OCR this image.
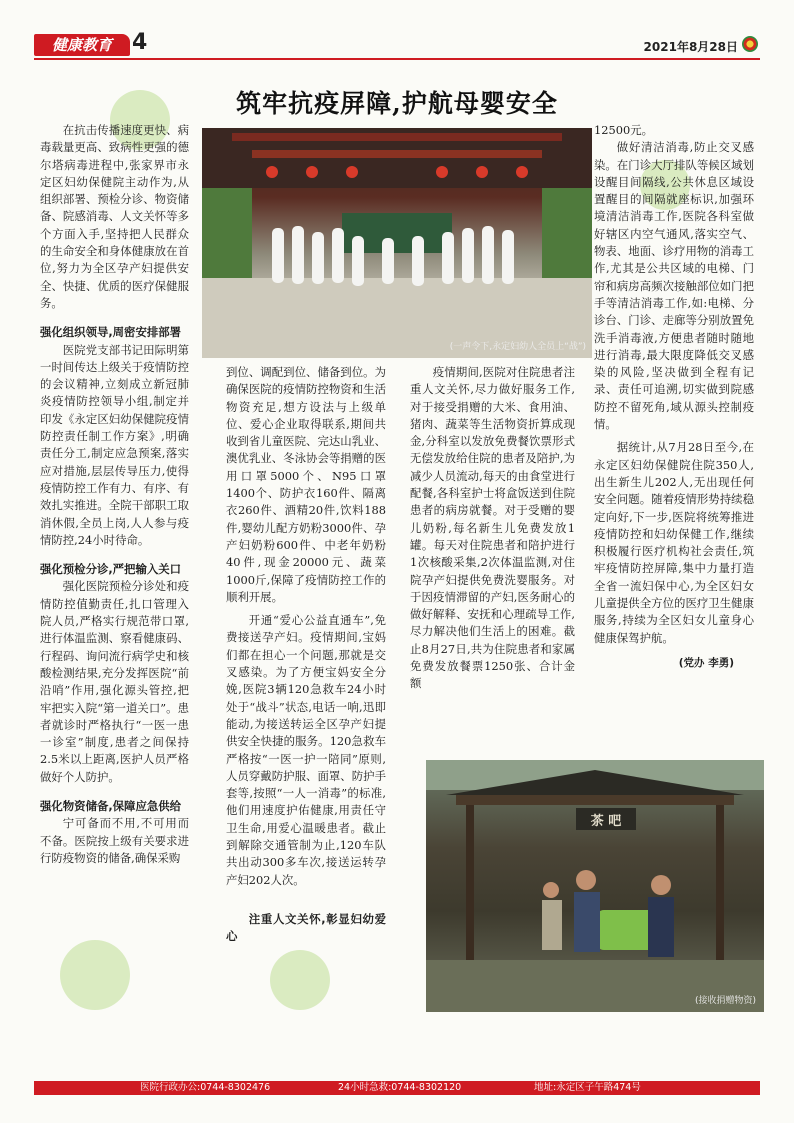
健康教育 4	2021年8月28日
筑牢抗疫屏障,护航母婴安全
(一声令下,永定妇幼人全员上“战”)

在抗击传播速度更快、病毒载量更高、致病性更强的德尔塔病毒进程中,张家界市永定区妇幼保健院主动作为,从组织部署、预检分诊、物资储备、院感消毒、人文关怀等多个方面入手,坚持把人民群众的生命安全和身体健康放在首位,努力为全区孕产妇提供安全、快捷、优质的医疗保健服务。

强化组织领导,周密安排部署

医院党支部书记田际明第一时间传达上级关于疫情防控的会议精神,立刻成立新冠肺炎疫情防控领导小组,制定并印发《永定区妇幼保健院疫情防控责任制工作方案》,明确责任分工,制定应急预案,落实应对措施,层层传导压力,使得疫情防控工作有力、有序、有效扎实推进。全院干部职工取消休假,全员上岗,人人参与疫情防控,24小时待命。

强化预检分诊,严把输入关口

强化医院预检分诊处和疫情防控值勤责任,扎口管理入院人员,严格实行规范带口罩,进行体温监测、察看健康码、行程码、询问流行病学史和核酸检测结果,充分发挥医院“前沿哨”作用,强化源头管控,把牢把实入院“第一道关口”。患者就诊时严格执行“一医一患一诊室”制度,患者之间保持2.5米以上距离,医护人员严格做好个人防护。

强化物资储备,保障应急供给

宁可备而不用,不可用而不备。医院按上级有关要求进行防疫物资的储备,确保采购

到位、调配到位、储备到位。为确保医院的疫情防控物资和生活物资充足,想方设法与上级单位、爱心企业取得联系,期间共收到省儿童医院、完达山乳业、澳优乳业、冬泳协会等捐赠的医用口罩5000个、N95口罩1400个、防护衣160件、隔离衣260件、酒精20件,饮料188件,婴幼儿配方奶粉3000件、孕产妇奶粉600件、中老年奶粉40件,现金20000元、蔬菜1000斤,保障了疫情防控工作的顺利开展。

开通“爱心公益直通车”,免费接送孕产妇。疫情期间,宝妈们都在担心一个问题,那就是交叉感染。为了方便宝妈安全分娩,医院3辆120急救车24小时处于“战斗”状态,电话一响,迅即能动,为接送转运全区孕产妇提供安全快捷的服务。120急救车严格按“一医一护一陪同”原则,人员穿戴防护服、面罩、防护手套等,按照“一人一消毒”的标准,他们用速度护佑健康,用责任守卫生命,用爱心温暖患者。截止到解除交通管制为止,120车队共出动300多车次,接送运转孕产妇202人次。

注重人文关怀,彰显妇幼爱心

疫情期间,医院对住院患者注重人文关怀,尽力做好服务工作,对于接受捐赠的大米、食用油、猪肉、蔬菜等生活物资折算成现金,分科室以发放免费餐饮票形式无偿发放给住院的患者及陪护,为减少人员流动,每天的由食堂进行配餐,各科室护士将盒饭送到住院患者的病房就餐。对于受赠的婴儿奶粉,每名新生儿免费发放1罐。每天对住院患者和陪护进行1次核酸采集,2次体温监测,对住院孕产妇提供免费洗婴服务。对于因疫情滞留的产妇,医务耐心的做好解释、安抚和心理疏导工作,尽力解决他们生活上的困难。截止8月27日,共为住院患者和家属免费发放餐票1250张、合计金额

12500元。

做好清洁消毒,防止交叉感染。在门诊大厅排队等候区域划设醒目间隔线,公共休息区域设置醒目的间隔就座标识,加强环境清洁消毒工作,医院各科室做好辖区内空气通风,落实空气、物表、地面、诊疗用物的消毒工作,尤其是公共区域的电梯、门帘和病房高频次接触部位如门把手等清洁消毒工作,如:电梯、分诊台、门诊、走廊等分别放置免洗手消毒液,方便患者随时随地进行消毒,最大限度降低交叉感染的风险,坚决做到全程有记录、责任可追溯,切实做到院感防控不留死角,域从源头控制疫情。

据统计,从7月28日至今,在永定区妇幼保健院住院350人,出生新生儿202人,无出现任何安全问题。随着疫情形势持续稳定向好,下一步,医院将统筹推进疫情防控和妇幼保健工作,继续积极履行医疗机构社会责任,筑牢疫情防控屏障,集中力量打造全省一流妇保中心,为全区妇女儿童提供全方位的医疗卫生健康服务,持续为全区妇女儿童身心健康保驾护航。

(党办 李勇)
茶 吧
(接收捐赠物资)
医院行政办公:0744-8302476	24小时急救:0744-8302120	地址:永定区子午路474号
